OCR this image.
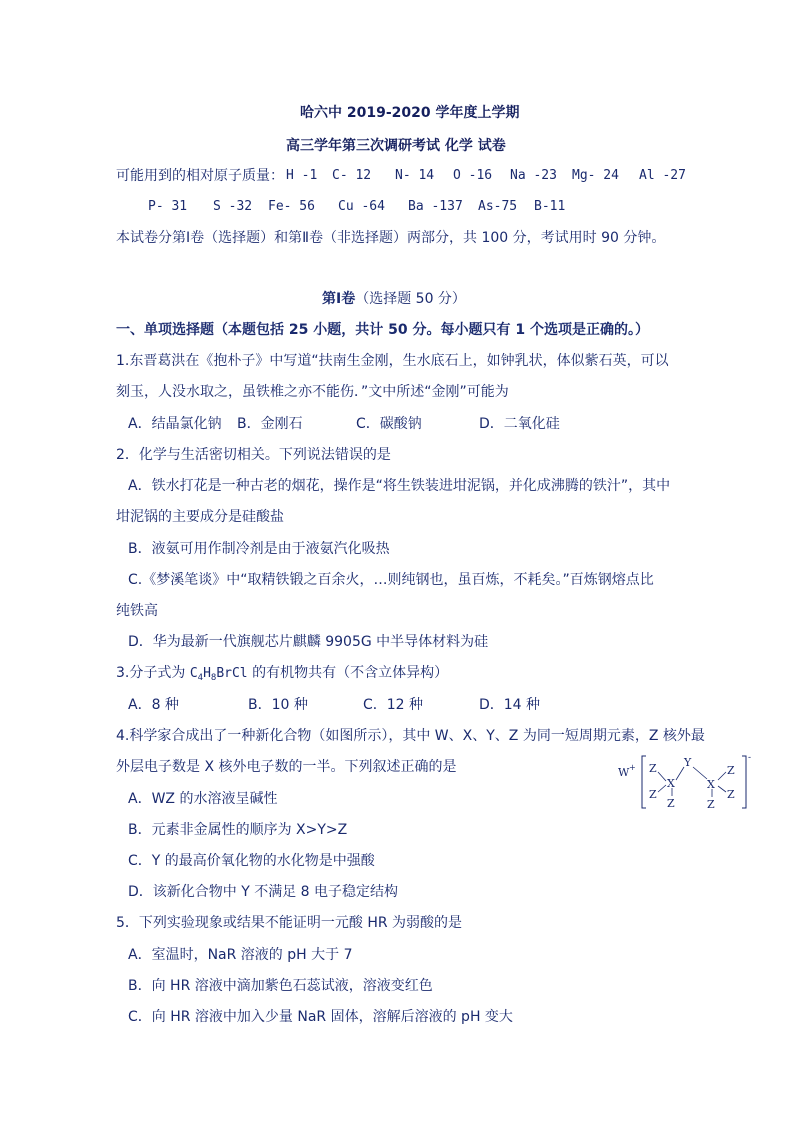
哈六中 2019-2020 学年度上学期
高三学年第三次调研考试 化学 试卷
可能用到的相对原子质量： H -1 C- 12 N- 14 O -16 Na -23 Mg- 24 Al -27
P- 31 S -32 Fe- 56 Cu -64 Ba -137 As-75 B-11
本试卷分第Ⅰ卷（选择题）和第Ⅱ卷（非选择题）两部分，共 100 分，考试用时 90 分钟。
第Ⅰ卷（选择题 50 分）
一、单项选择题（本题包括 25 小题，共计 50 分。每小题只有 1 个选项是正确的。）
1.东晋葛洪在《抱朴子》中写道“扶南生金刚，生水底石上，如钟乳状，体似紫石英，可以
刻玉，人没水取之，虽铁椎之亦不能伤．”文中所述“金刚”可能为
A．结晶氯化钠 B．金刚石	C．碳酸钠	D．二氧化硅
2．化学与生活密切相关。下列说法错误的是
A．铁水打花是一种古老的烟花，操作是“将生铁装进坩泥锅，并化成沸腾的铁汁”，其中
坩泥锅的主要成分是硅酸盐
B．液氨可用作制冷剂是由于液氨汽化吸热
C.《梦溪笔谈》中“取精铁锻之百余火，…则纯钢也，虽百炼，不耗矣。”百炼钢熔点比
纯铁高
D．华为最新一代旗舰芯片麒麟 9905G 中半导体材料为硅
3.分子式为 $C_4H_8BrCl$ 的有机物共有（不含立体异构）
A．8 种	B．10 种	C．12 种	D．14 种
4.科学家合成出了一种新化合物（如图所示），其中 W、X、Y、Z 为同一短周期元素，Z 核外最
外层电子数是 X 核外电子数的一半。下列叙述正确的是
A．WZ 的水溶液呈碱性
B．元素非金属性的顺序为 X>Y>Z
C．Y 的最高价氧化物的水化物是中强酸
D．该新化合物中 Y 不满足 8 电子稳定结构
W +
-
Z
Z
X
Z
Y
X
Z
Z
Z
5．下列实验现象或结果不能证明一元酸 HR 为弱酸的是
A．室温时，NaR 溶液的 pH 大于 7
B．向 HR 溶液中滴加紫色石蕊试液，溶液变红色
C．向 HR 溶液中加入少量 NaR 固体，溶解后溶液的 pH 变大
